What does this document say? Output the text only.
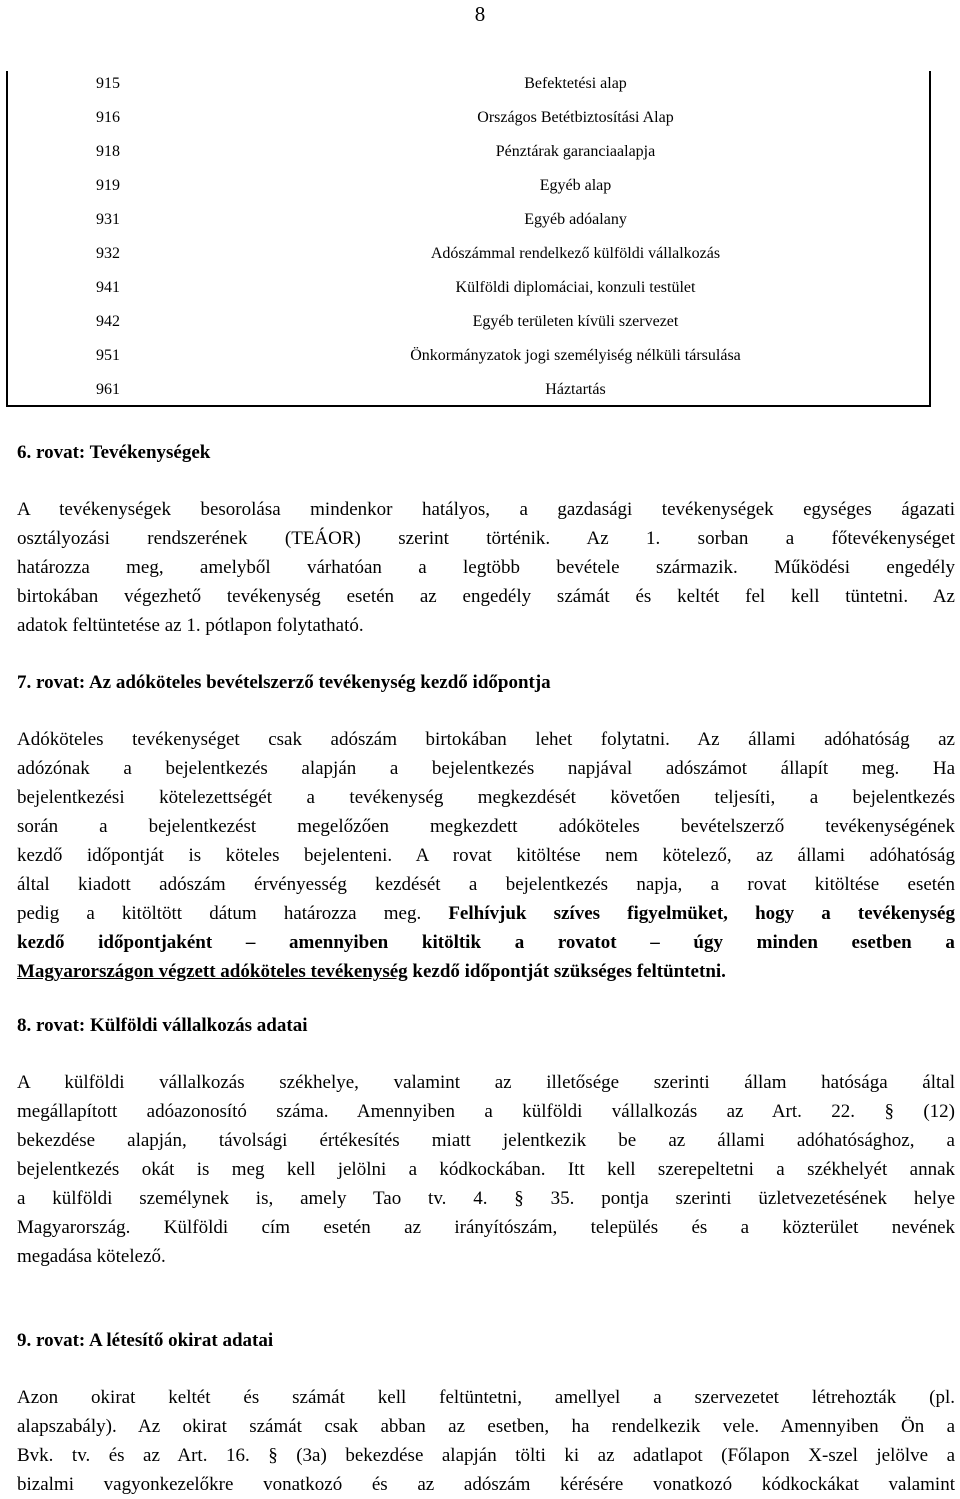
8
915	Befektetési alap
916	Országos Betétbiztosítási Alap
918	Pénztárak garanciaalapja
919	Egyéb alap
931	Egyéb adóalany
932	Adószámmal rendelkező külföldi vállalkozás
941	Külföldi diplomáciai, konzuli testület
942	Egyéb területen kívüli szervezet
951	Önkormányzatok jogi személyiség nélküli társulása
961	Háztartás
6. rovat: Tevékenységek
A tevékenységek besorolása mindenkor hatályos, a gazdasági tevékenységek egységes ágazati
osztályozási rendszerének (TEÁOR) szerint történik. Az 1. sorban a főtevékenységet
határozza meg, amelyből várhatóan a legtöbb bevétele származik. Működési engedély
birtokában végezhető tevékenység esetén az engedély számát és keltét fel kell tüntetni. Az
adatok feltüntetése az 1. pótlapon folytatható.
7. rovat: Az adóköteles bevételszerző tevékenység kezdő időpontja
Adóköteles tevékenységet csak adószám birtokában lehet folytatni. Az állami adóhatóság az
adózónak a bejelentkezés alapján a bejelentkezés napjával adószámot állapít meg. Ha
bejelentkezési kötelezettségét a tevékenység megkezdését követően teljesíti, a bejelentkezés
során a bejelentkezést megelőzően megkezdett adóköteles bevételszerző tevékenységének
kezdő időpontját is köteles bejelenteni. A rovat kitöltése nem kötelező, az állami adóhatóság
által kiadott adószám érvényesség kezdését a bejelentkezés napja, a rovat kitöltése esetén
pedig a kitöltött dátum határozza meg. Felhívjuk szíves figyelmüket, hogy a tevékenység
kezdő időpontjaként – amennyiben kitöltik a rovatot – úgy minden esetben a
Magyarországon végzett adóköteles tevékenység kezdő időpontját szükséges feltüntetni.
8. rovat: Külföldi vállalkozás adatai
A külföldi vállalkozás székhelye, valamint az illetősége szerinti állam hatósága által
megállapított adóazonosító száma. Amennyiben a külföldi vállalkozás az Art. 22. § (12)
bekezdése alapján, távolsági értékesítés miatt jelentkezik be az állami adóhatósághoz, a
bejelentkezés okát is meg kell jelölni a kódkockában. Itt kell szerepeltetni a székhelyét annak
a külföldi személynek is, amely Tao tv. 4. § 35. pontja szerinti üzletvezetésének helye
Magyarország. Külföldi cím esetén az irányítószám, település és a közterület nevének
megadása kötelező.
9. rovat: A létesítő okirat adatai
Azon okirat keltét és számát kell feltüntetni, amellyel a szervezetet létrehozták (pl.
alapszabály). Az okirat számát csak abban az esetben, ha rendelkezik vele. Amennyiben Ön a
Bvk. tv. és az Art. 16. § (3a) bekezdése alapján tölti ki az adatlapot (Főlapon X-szel jelölve a
bizalmi vagyonkezelőkre vonatkozó és az adószám kérésére vonatkozó kódkockákat valamint
